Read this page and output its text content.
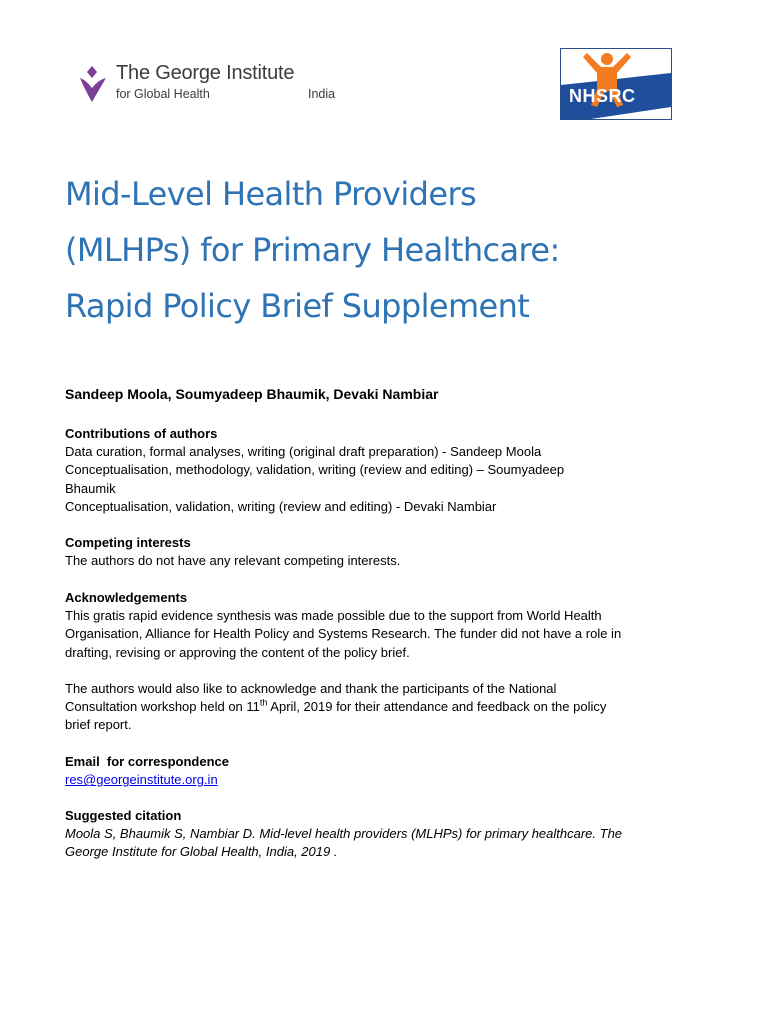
The George Institute
for Global Health	India	NHSRC
Mid-Level Health Providers
(MLHPs) for Primary Healthcare:
Rapid Policy Brief Supplement
Sandeep Moola, Soumyadeep Bhaumik, Devaki Nambiar
Contributions of authors
Data curation, formal analyses, writing (original draft preparation) - Sandeep Moola
Conceptualisation, methodology, validation, writing (review and editing) – Soumyadeep
Bhaumik
Conceptualisation, validation, writing (review and editing) - Devaki Nambiar
Competing interests
The authors do not have any relevant competing interests.
Acknowledgements
This gratis rapid evidence synthesis was made possible due to the support from World Health
Organisation, Alliance for Health Policy and Systems Research. The funder did not have a role in
drafting, revising or approving the content of the policy brief.
The authors would also like to acknowledge and thank the participants of the National
Consultation workshop held on 11th April, 2019 for their attendance and feedback on the policy
brief report.
Email  for correspondence
res@georgeinstitute.org.in
Suggested citation
Moola S, Bhaumik S, Nambiar D. Mid-level health providers (MLHPs) for primary healthcare. The
George Institute for Global Health, India, 2019 .
